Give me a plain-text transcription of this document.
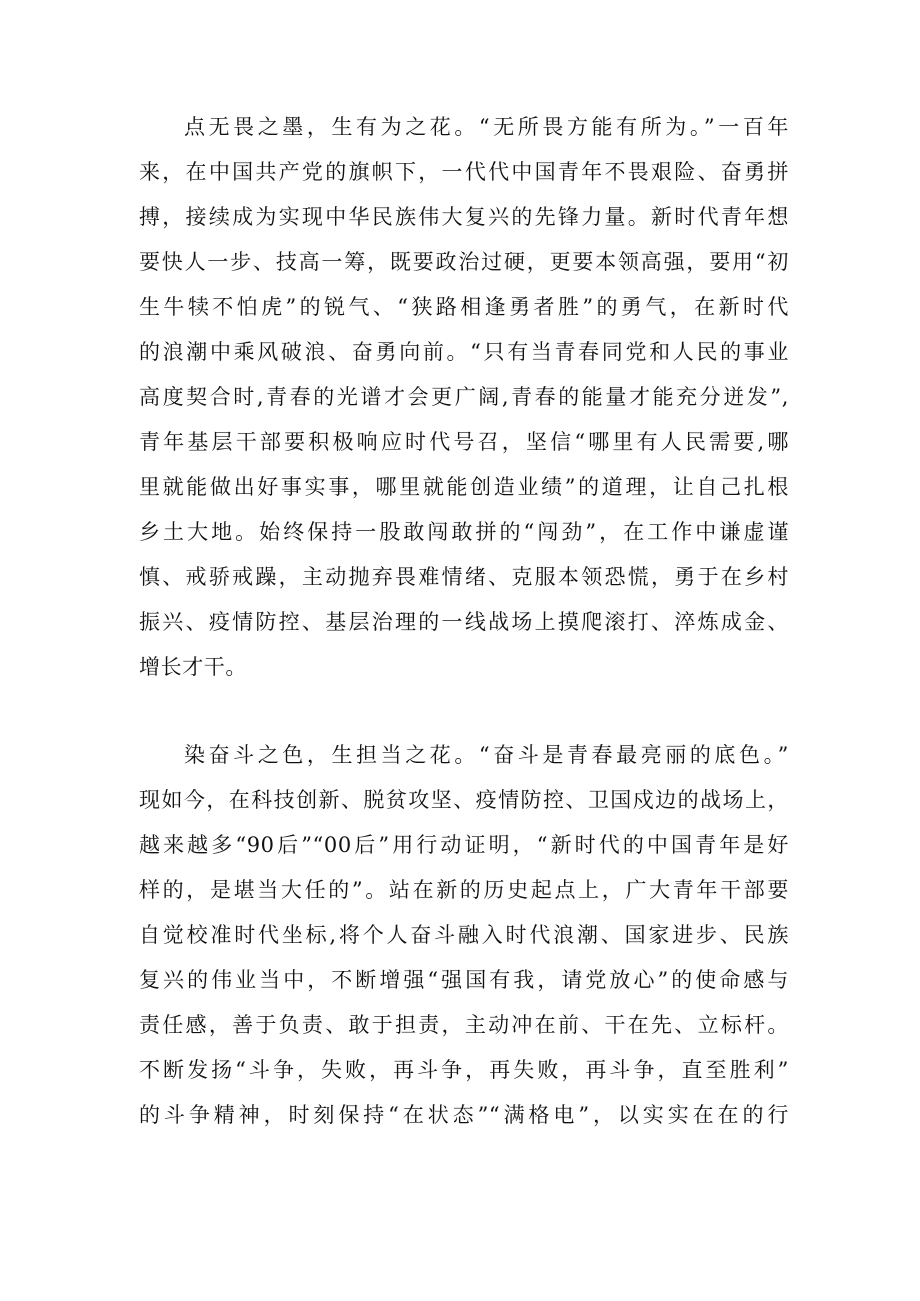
点无畏之墨，生有为之花。“无所畏方能有所为。”一百年
来，在中国共产党的旗帜下，一代代中国青年不畏艰险、奋勇拼
搏，接续成为实现中华民族伟大复兴的先锋力量。新时代青年想
要快人一步、技高一筹，既要政治过硬，更要本领高强，要用“初
生牛犊不怕虎”的锐气、“狭路相逢勇者胜”的勇气，在新时代
的浪潮中乘风破浪、奋勇向前。“只有当青春同党和人民的事业
高度契合时,青春的光谱才会更广阔,青春的能量才能充分迸发”,
青年基层干部要积极响应时代号召，坚信“哪里有人民需要,哪
里就能做出好事实事，哪里就能创造业绩”的道理，让自己扎根
乡土大地。始终保持一股敢闯敢拼的“闯劲”，在工作中谦虚谨
慎、戒骄戒躁，主动抛弃畏难情绪、克服本领恐慌，勇于在乡村
振兴、疫情防控、基层治理的一线战场上摸爬滚打、淬炼成金、
增长才干。
染奋斗之色，生担当之花。“奋斗是青春最亮丽的底色。”
现如今，在科技创新、脱贫攻坚、疫情防控、卫国戍边的战场上，
越来越多“90后”“00后”用行动证明，“新时代的中国青年是好
样的，是堪当大任的”。站在新的历史起点上，广大青年干部要
自觉校准时代坐标,将个人奋斗融入时代浪潮、国家进步、民族
复兴的伟业当中，不断增强“强国有我，请党放心”的使命感与
责任感，善于负责、敢于担责，主动冲在前、干在先、立标杆。
不断发扬“斗争，失败，再斗争，再失败，再斗争，直至胜利”
的斗争精神，时刻保持“在状态”“满格电”，以实实在在的行
